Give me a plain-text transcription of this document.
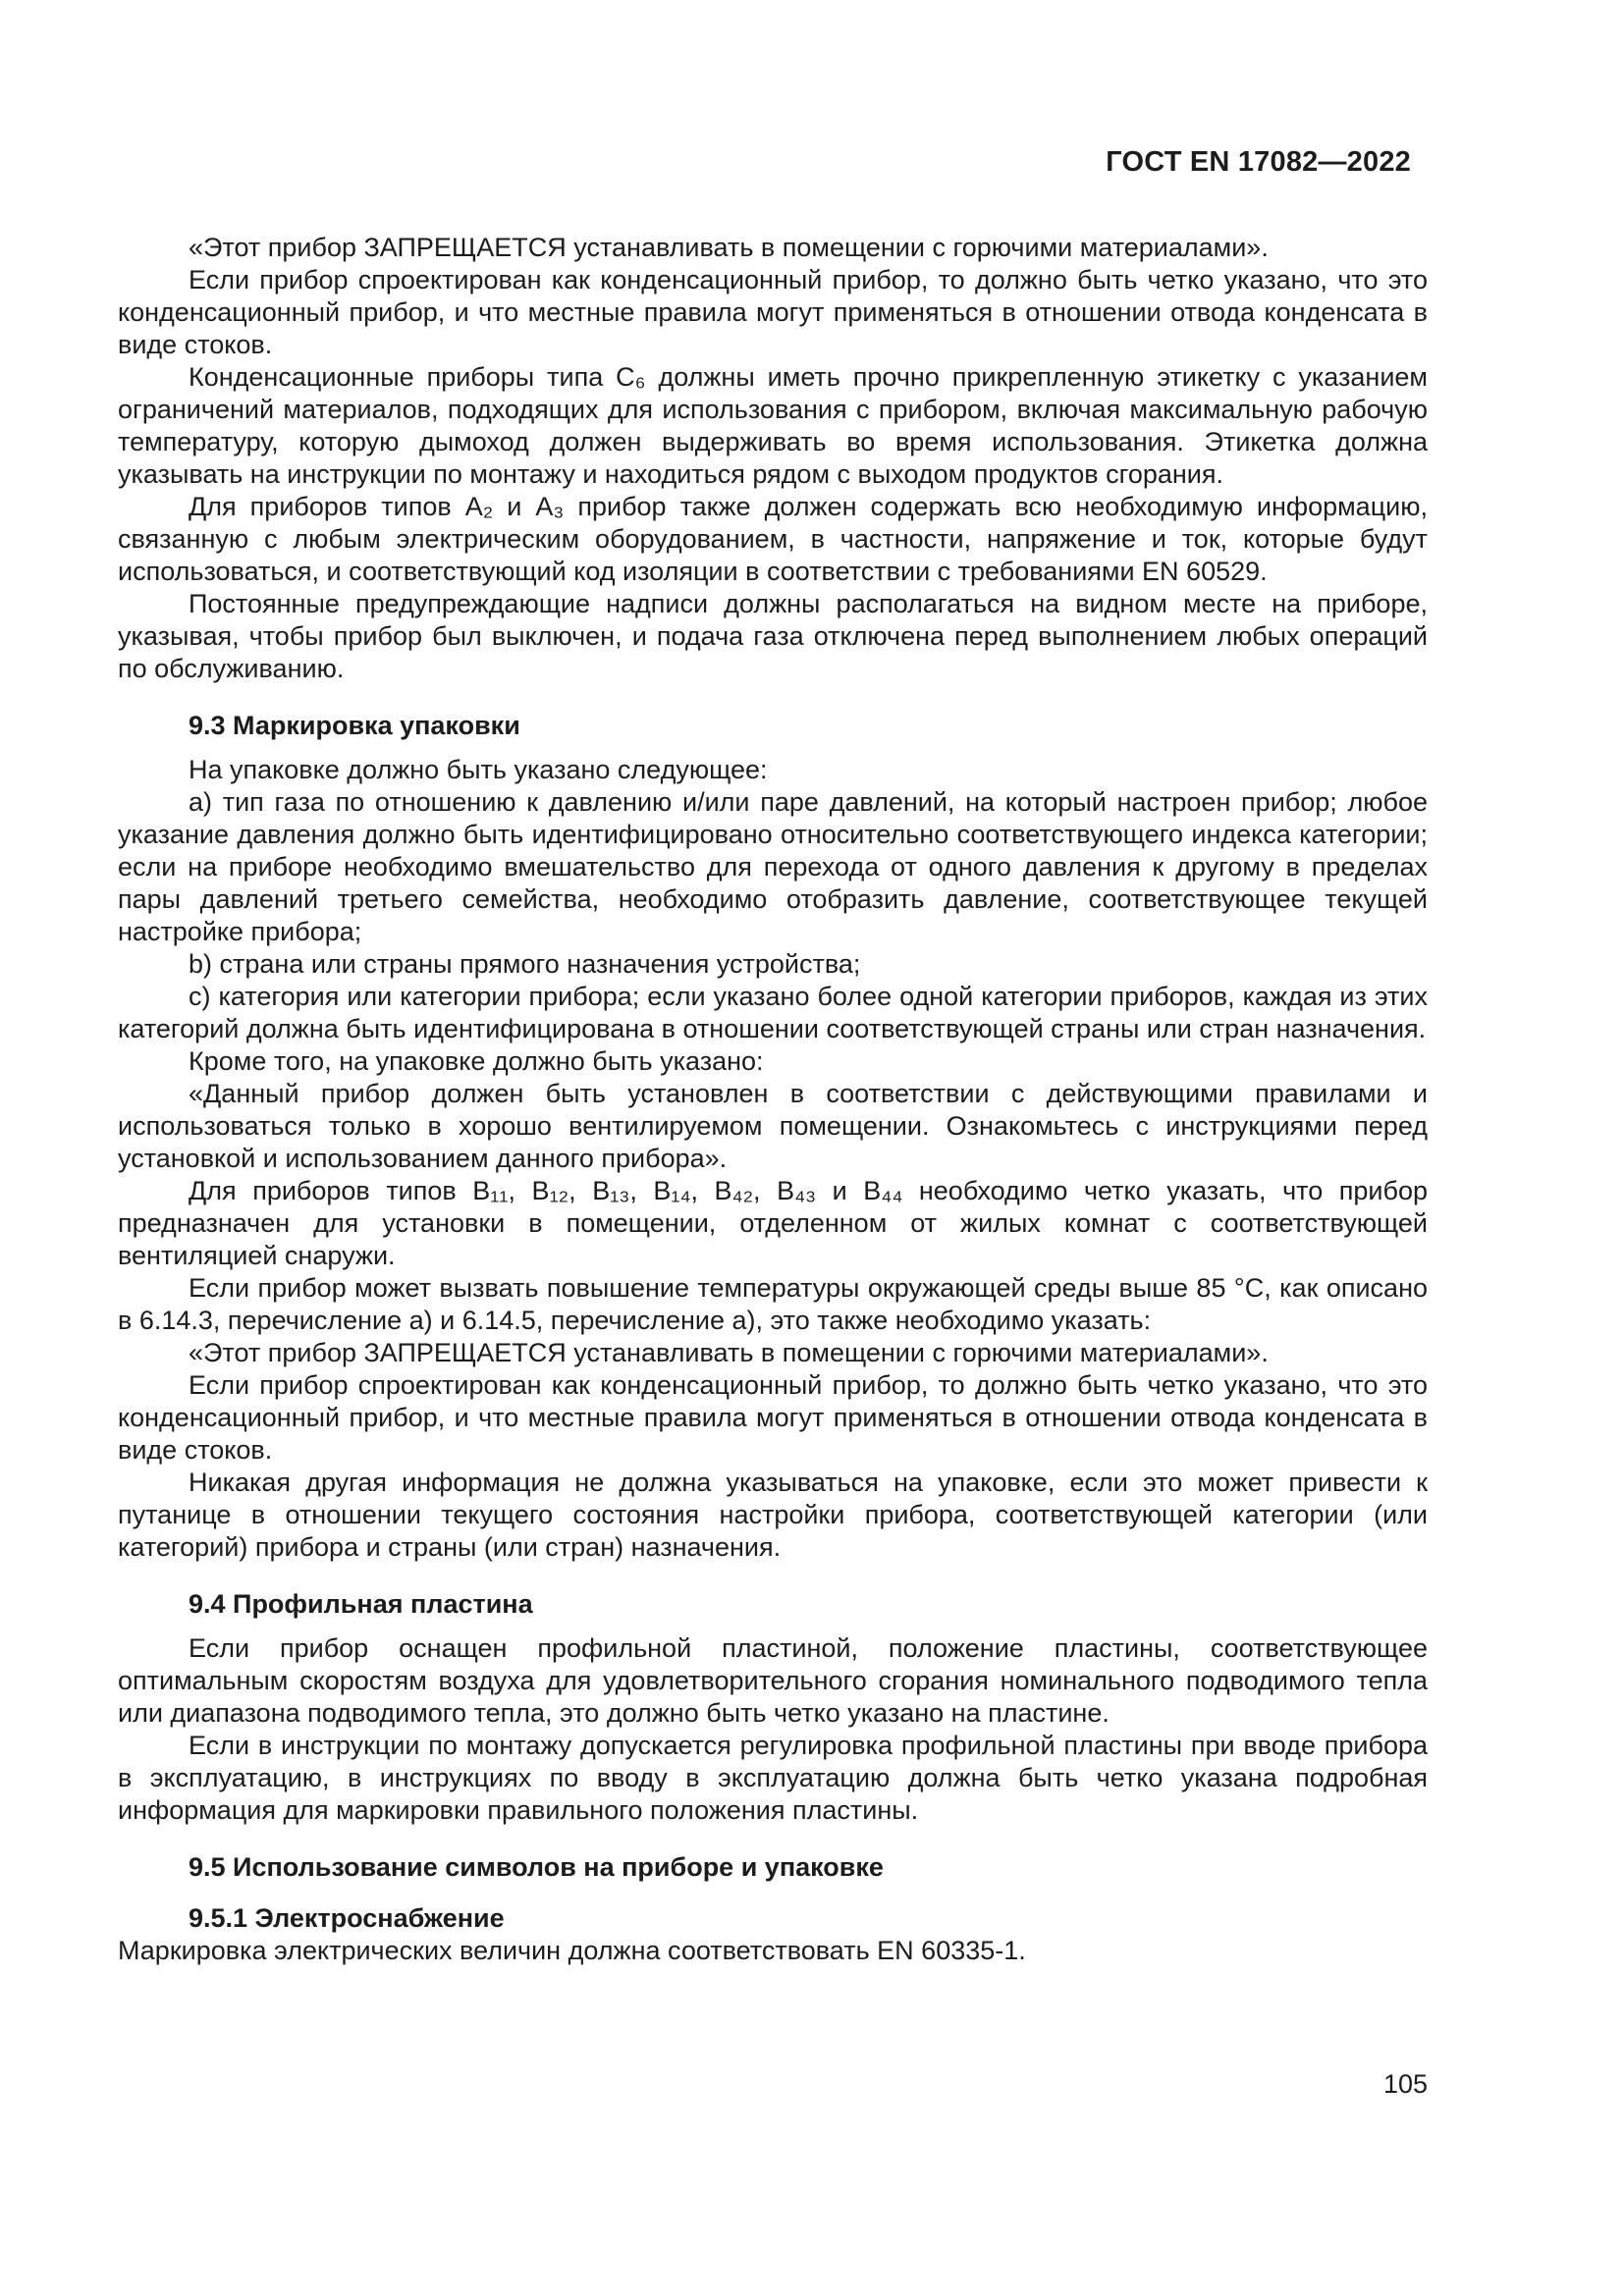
ГОСТ EN 17082—2022

«Этот прибор ЗАПРЕЩАЕТСЯ устанавливать в помещении с горючими материалами».

Если прибор спроектирован как конденсационный прибор, то должно быть четко указано, что это конденсационный прибор, и что местные правила могут применяться в отношении отвода конденсата в виде стоков.

Конденсационные приборы типа C₆ должны иметь прочно прикрепленную этикетку с указанием ограничений материалов, подходящих для использования с прибором, включая максимальную рабочую температуру, которую дымоход должен выдерживать во время использования. Этикетка должна указывать на инструкции по монтажу и находиться рядом с выходом продуктов сгорания.

Для приборов типов A₂ и A₃ прибор также должен содержать всю необходимую информацию, связанную с любым электрическим оборудованием, в частности, напряжение и ток, которые будут использоваться, и соответствующий код изоляции в соответствии с требованиями EN 60529.

Постоянные предупреждающие надписи должны располагаться на видном месте на приборе, указывая, чтобы прибор был выключен, и подача газа отключена перед выполнением любых операций по обслуживанию.

9.3 Маркировка упаковки

На упаковке должно быть указано следующее:

a) тип газа по отношению к давлению и/или паре давлений, на который настроен прибор; любое указание давления должно быть идентифицировано относительно соответствующего индекса категории; если на приборе необходимо вмешательство для перехода от одного давления к другому в пределах пары давлений третьего семейства, необходимо отобразить давление, соответствующее текущей настройке прибора;

b) страна или страны прямого назначения устройства;

c) категория или категории прибора; если указано более одной категории приборов, каждая из этих категорий должна быть идентифицирована в отношении соответствующей страны или стран назначения.

Кроме того, на упаковке должно быть указано:

«Данный прибор должен быть установлен в соответствии с действующими правилами и использоваться только в хорошо вентилируемом помещении. Ознакомьтесь с инструкциями перед установкой и использованием данного прибора».

Для приборов типов B₁₁, B₁₂, B₁₃, B₁₄, B₄₂, B₄₃ и B₄₄ необходимо четко указать, что прибор предназначен для установки в помещении, отделенном от жилых комнат с соответствующей вентиляцией снаружи.

Если прибор может вызвать повышение температуры окружающей среды выше 85 °C, как описано в 6.14.3, перечисление a) и 6.14.5, перечисление a), это также необходимо указать:

«Этот прибор ЗАПРЕЩАЕТСЯ устанавливать в помещении с горючими материалами».

Если прибор спроектирован как конденсационный прибор, то должно быть четко указано, что это конденсационный прибор, и что местные правила могут применяться в отношении отвода конденсата в виде стоков.

Никакая другая информация не должна указываться на упаковке, если это может привести к путанице в отношении текущего состояния настройки прибора, соответствующей категории (или категорий) прибора и страны (или стран) назначения.

9.4 Профильная пластина

Если прибор оснащен профильной пластиной, положение пластины, соответствующее оптимальным скоростям воздуха для удовлетворительного сгорания номинального подводимого тепла или диапазона подводимого тепла, это должно быть четко указано на пластине.

Если в инструкции по монтажу допускается регулировка профильной пластины при вводе прибора в эксплуатацию, в инструкциях по вводу в эксплуатацию должна быть четко указана подробная информация для маркировки правильного положения пластины.

9.5 Использование символов на приборе и упаковке
9.5.1 Электроснабжение

Маркировка электрических величин должна соответствовать EN 60335-1.

105
